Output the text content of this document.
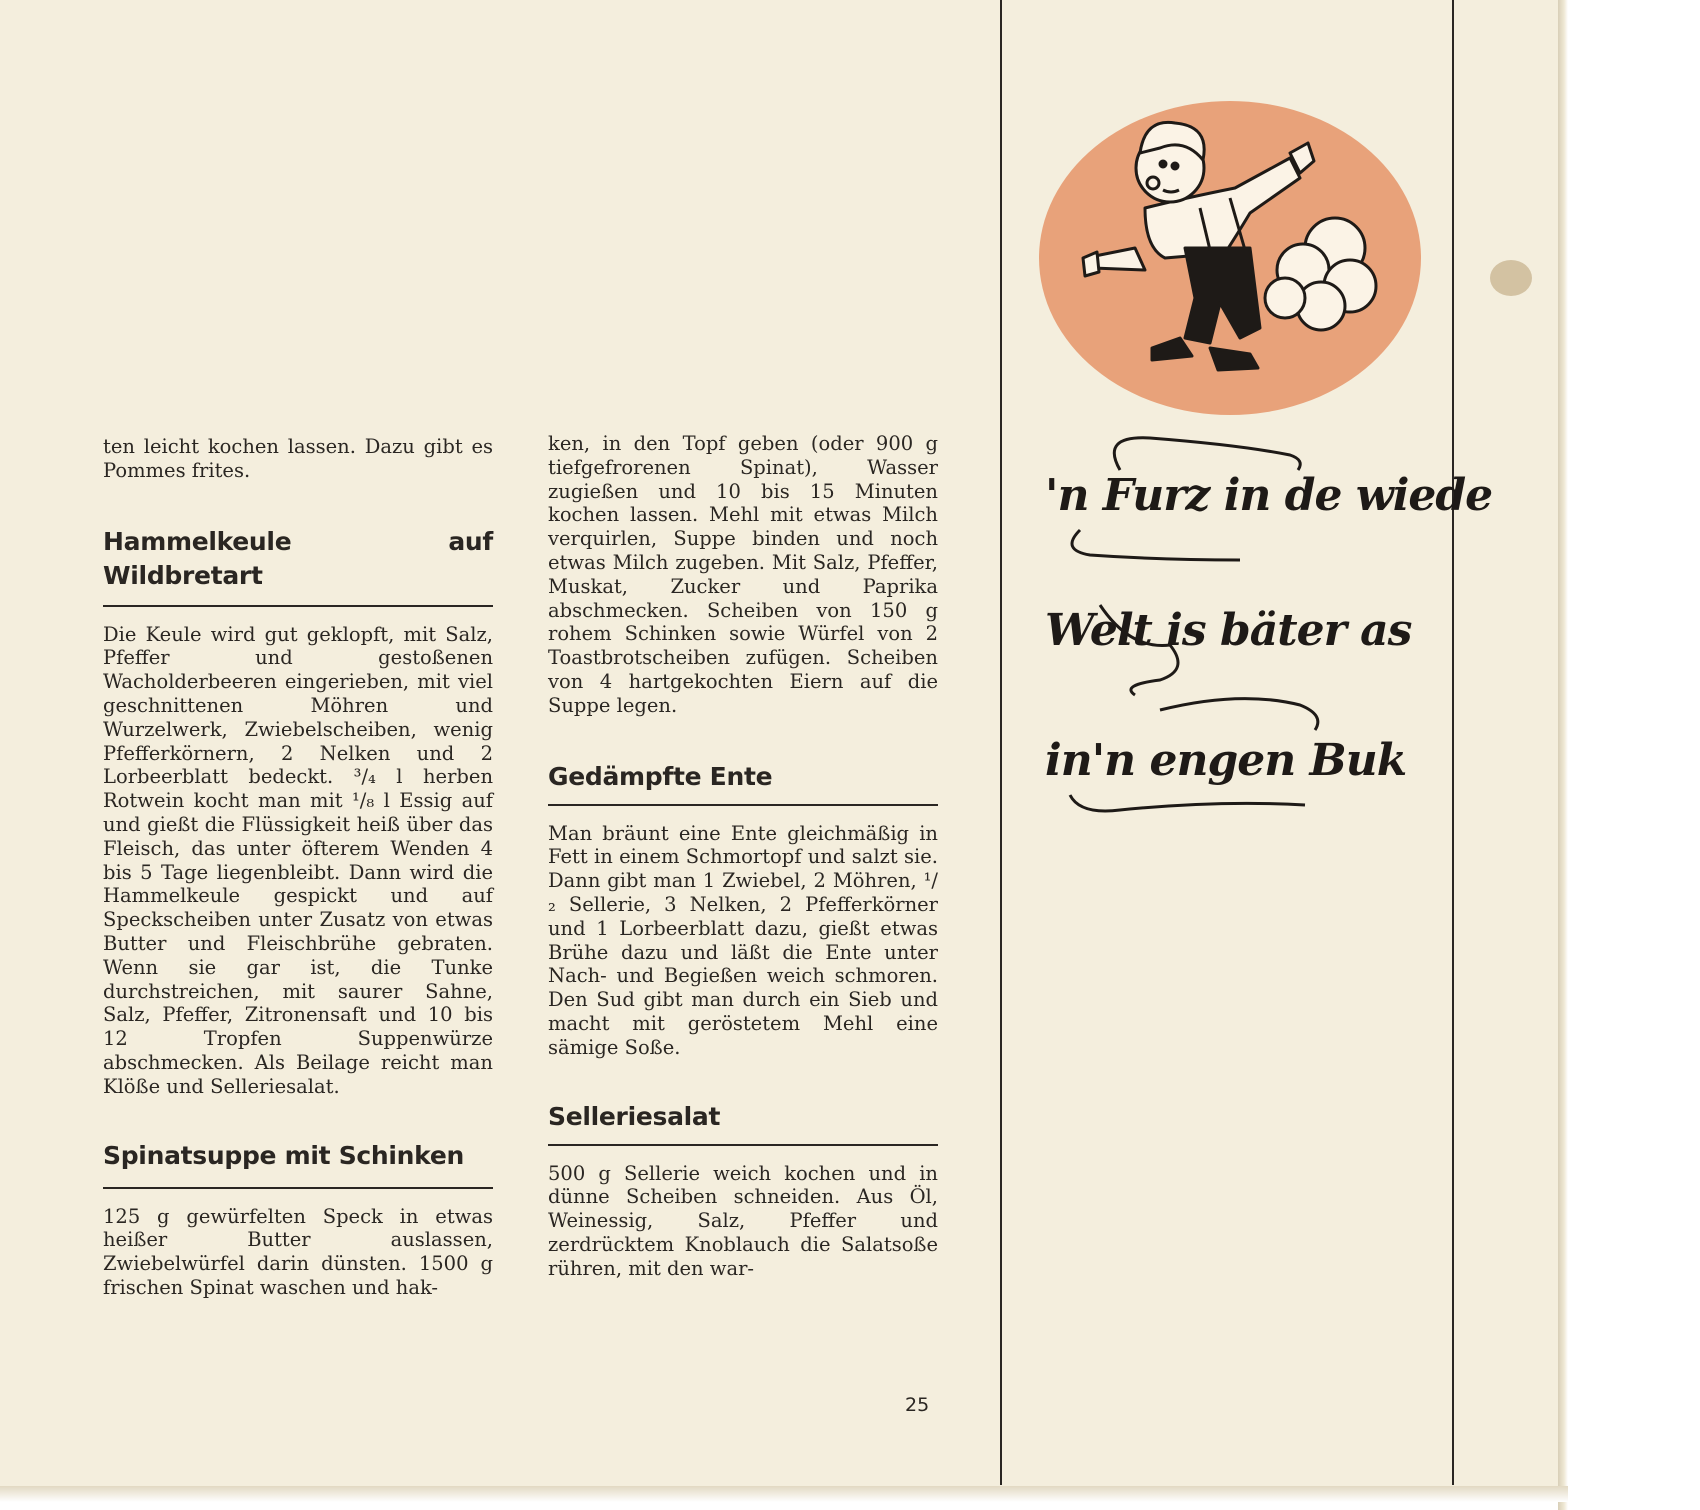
ten leicht kochen lassen. Dazu gibt es Pommes frites.

Hammelkeule auf Wildbretart

Die Keule wird gut geklopft, mit Salz, Pfeffer und gestoßenen Wacholderbeeren eingerieben, mit viel geschnittenen Möhren und Wurzelwerk, Zwiebelscheiben, wenig Pfefferkörnern, 2 Nelken und 2 Lorbeerblatt bedeckt. ³/₄ l herben Rotwein kocht man mit ¹/₈ l Essig auf und gießt die Flüssigkeit heiß über das Fleisch, das unter öfterem Wenden 4 bis 5 Tage liegenbleibt. Dann wird die Hammelkeule gespickt und auf Speckscheiben unter Zusatz von etwas Butter und Fleischbrühe gebraten. Wenn sie gar ist, die Tunke durchstreichen, mit saurer Sahne, Salz, Pfeffer, Zitronensaft und 10 bis 12 Tropfen Suppenwürze abschmecken. Als Beilage reicht man Klöße und Selleriesalat.

Spinatsuppe mit Schinken

125 g gewürfelten Speck in etwas heißer Butter auslassen, Zwiebelwürfel darin dünsten. 1500 g frischen Spinat waschen und hak-

ken, in den Topf geben (oder 900 g tiefgefrorenen Spinat), Wasser zugießen und 10 bis 15 Minuten kochen lassen. Mehl mit etwas Milch verquirlen, Suppe binden und noch etwas Milch zugeben. Mit Salz, Pfeffer, Muskat, Zucker und Paprika abschmecken. Scheiben von 150 g rohem Schinken sowie Würfel von 2 Toastbrotscheiben zufügen. Scheiben von 4 hartgekochten Eiern auf die Suppe legen.

Gedämpfte Ente

Man bräunt eine Ente gleichmäßig in Fett in einem Schmortopf und salzt sie. Dann gibt man 1 Zwiebel, 2 Möhren, ¹/₂ Sellerie, 3 Nelken, 2 Pfefferkörner und 1 Lorbeerblatt dazu, gießt etwas Brühe dazu und läßt die Ente unter Nach- und Begießen weich schmoren. Den Sud gibt man durch ein Sieb und macht mit geröstetem Mehl eine sämige Soße.

Selleriesalat

500 g Sellerie weich kochen und in dünne Scheiben schneiden. Aus Öl, Weinessig, Salz, Pfeffer und zerdrücktem Knoblauch die Salatsoße rühren, mit den war-

25
'n Furz in de wiede
Welt is bäter as
in'n engen Buk
